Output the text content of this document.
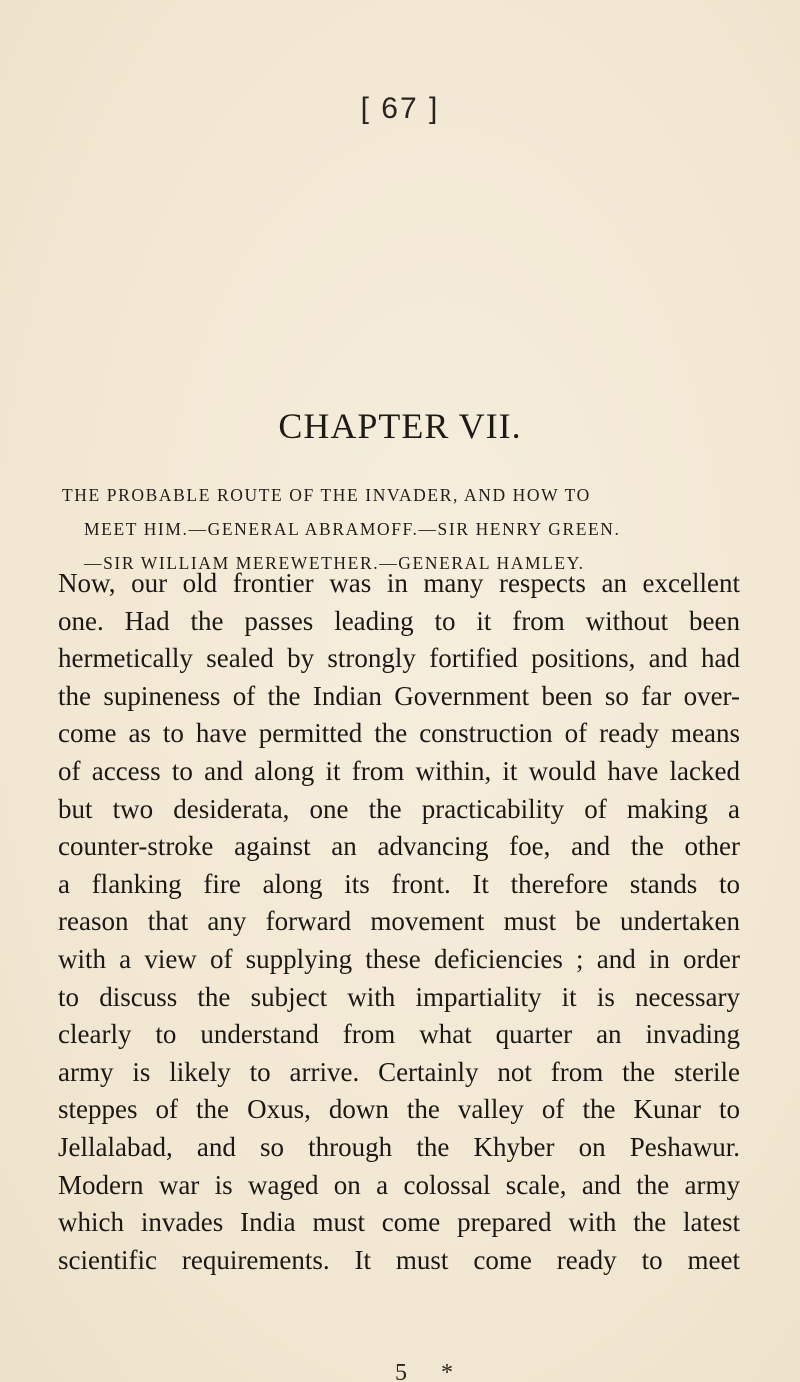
[ 67 ]
CHAPTER VII.
THE PROBABLE ROUTE OF THE INVADER, AND HOW TO
MEET HIM.—GENERAL ABRAMOFF.—SIR HENRY GREEN.
—SIR WILLIAM MEREWETHER.—GENERAL HAMLEY.
Now, our old frontier was in many respects an excellent
one. Had the passes leading to it from without been
hermetically sealed by strongly fortified positions, and had
the supineness of the Indian Government been so far over-
come as to have permitted the construction of ready means
of access to and along it from within, it would have lacked
but two desiderata, one the practicability of making a
counter-stroke against an advancing foe, and the other
a flanking fire along its front. It therefore stands to
reason that any forward movement must be undertaken
with a view of supplying these deficiencies ; and in order
to discuss the subject with impartiality it is necessary
clearly to understand from what quarter an invading
army is likely to arrive. Certainly not from the sterile
steppes of the Oxus, down the valley of the Kunar to
Jellalabad, and so through the Khyber on Peshawur.
Modern war is waged on a colossal scale, and the army
which invades India must come prepared with the latest
scientific requirements. It must come ready to meet
5 *
